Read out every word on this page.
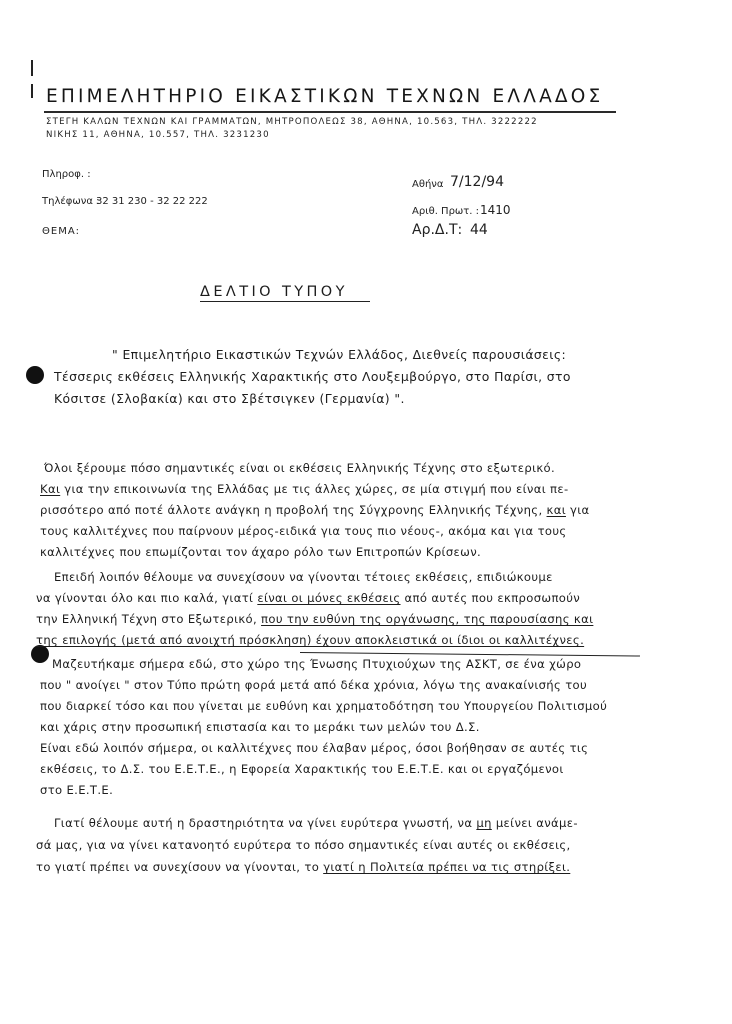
ΕΠΙΜΕΛΗΤΗΡΙΟ ΕΙΚΑΣΤΙΚΩΝ ΤΕΧΝΩΝ ΕΛΛΑΔΟΣ
ΣΤΕΓΗ ΚΑΛΩΝ ΤΕΧΝΩΝ ΚΑΙ ΓΡΑΜΜΑΤΩΝ, ΜΗΤΡΟΠΟΛΕΩΣ 38, ΑΘΗΝΑ, 10.563, ΤΗΛ. 3222222
ΝΙΚΗΣ 11, ΑΘΗΝΑ, 10.557, ΤΗΛ. 3231230
Πληροφ. :
Τηλέφωνα :
32 31 230 - 32 22 222
ΘΕΜΑ:
Αθήνα 7/12/94
Αριθ. Πρωτ. : 1410
Αρ.Δ.Τ: 44
ΔΕΛΤΙΟ ΤΥΠΟΥ
" Επιμελητήριο Εικαστικών Τεχνών Ελλάδος, Διεθνείς παρουσιάσεις:
Τέσσερις εκθέσεις Ελληνικής Χαρακτικής στο Λουξεμβούργο, στο Παρίσι, στο
Κόσιτσε (Σλοβακία) και στο Σβέτσιγκεν (Γερμανία) ".
Όλοι ξέρουμε πόσο σημαντικές είναι οι εκθέσεις Ελληνικής Τέχνης στο εξωτερικό.
Και για την επικοινωνία της Ελλάδας με τις άλλες χώρες, σε μία στιγμή που είναι πε-
ρισσότερο από ποτέ άλλοτε ανάγκη η προβολή της Σύγχρονης Ελληνικής Τέχνης, και για
τους καλλιτέχνες που παίρνουν μέρος-ειδικά για τους πιο νέους-, ακόμα και για τους
καλλιτέχνες που επωμίζονται τον άχαρο ρόλο των Επιτροπών Κρίσεων.
Επειδή λοιπόν θέλουμε να συνεχίσουν να γίνονται τέτοιες εκθέσεις, επιδιώκουμε
να γίνονται όλο και πιο καλά, γιατί είναι οι μόνες εκθέσεις από αυτές που εκπροσωπούν
την Ελληνική Τέχνη στο Εξωτερικό, που την ευθύνη της οργάνωσης, της παρουσίασης και
της επιλογής (μετά από ανοιχτή πρόσκληση) έχουν αποκλειστικά οι ίδιοι οι καλλιτέχνες.
Μαζευτήκαμε σήμερα εδώ, στο χώρο της Ένωσης Πτυχιούχων της ΑΣΚΤ, σε ένα χώρο
που " ανοίγει " στον Τύπο πρώτη φορά μετά από δέκα χρόνια, λόγω της ανακαίνισής του
που διαρκεί τόσο και που γίνεται με ευθύνη και χρηματοδότηση του Υπουργείου Πολιτισμού
και χάρις στην προσωπική επιστασία και το μεράκι των μελών του Δ.Σ.
Είναι εδώ λοιπόν σήμερα, οι καλλιτέχνες που έλαβαν μέρος, όσοι βοήθησαν σε αυτές τις
εκθέσεις, το Δ.Σ. του Ε.Ε.Τ.Ε., η Εφορεία Χαρακτικής του Ε.Ε.Τ.Ε. και οι εργαζόμενοι
στο Ε.Ε.Τ.Ε.
Γιατί θέλουμε αυτή η δραστηριότητα να γίνει ευρύτερα γνωστή, να μη μείνει ανάμε-
σά μας, για να γίνει κατανοητό ευρύτερα το πόσο σημαντικές είναι αυτές οι εκθέσεις,
το γιατί πρέπει να συνεχίσουν να γίνονται, το γιατί η Πολιτεία πρέπει να τις στηρίξει.
